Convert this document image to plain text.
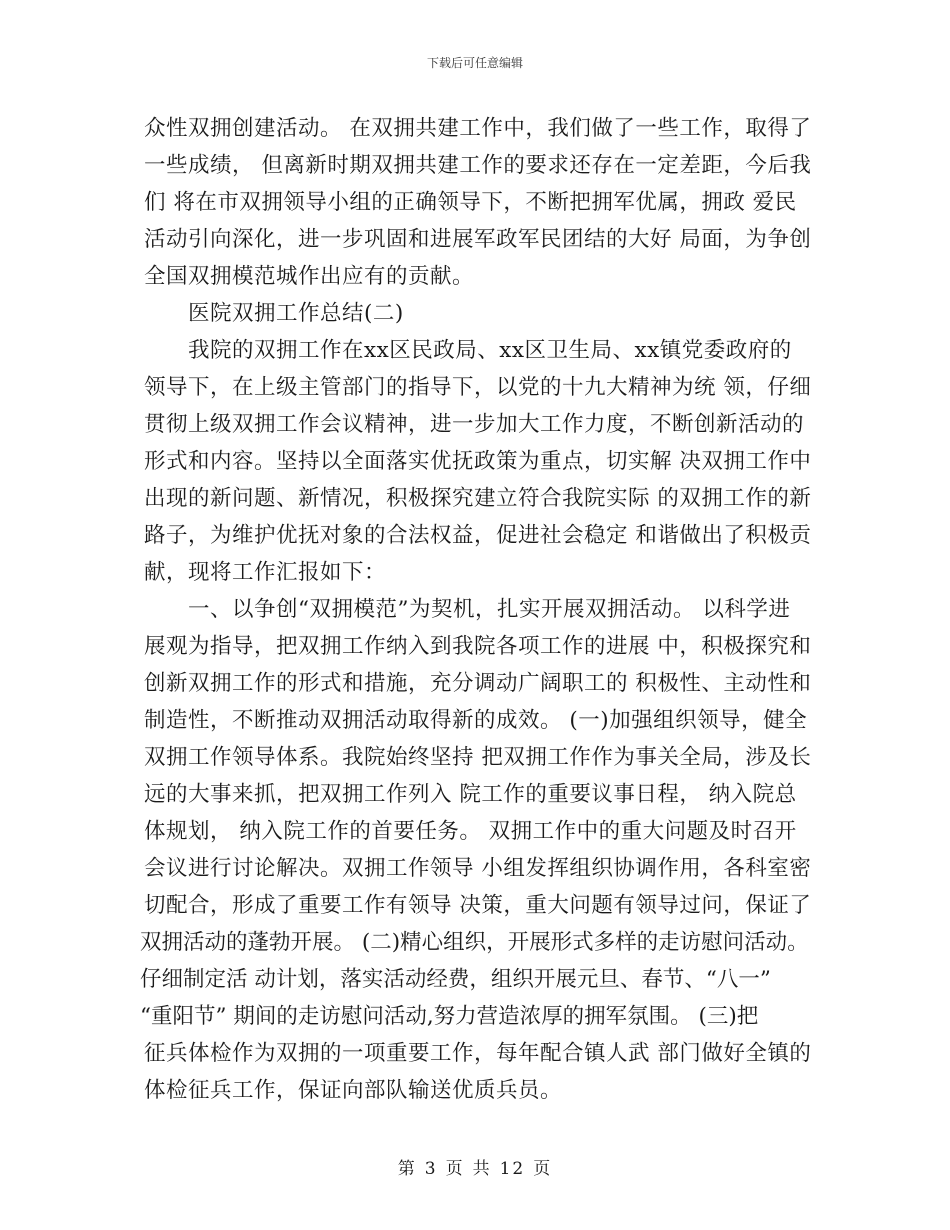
下载后可任意编辑
众性双拥创建活动。 在双拥共建工作中，我们做了一些工作，取得了
一些成绩， 但离新时期双拥共建工作的要求还存在一定差距，今后我
们 将在市双拥领导小组的正确领导下，不断把拥军优属，拥政 爱民
活动引向深化，进一步巩固和进展军政军民团结的大好 局面，为争创
全国双拥模范城作出应有的贡献。
医院双拥工作总结(二)
我院的双拥工作在xx区民政局、xx区卫生局、xx镇党委政府的
领导下，在上级主管部门的指导下，以党的十九大精神为统 领，仔细
贯彻上级双拥工作会议精神，进一步加大工作力度，不断创新活动的
形式和内容。坚持以全面落实优抚政策为重点，切实解 决双拥工作中
出现的新问题、新情况，积极探究建立符合我院实际 的双拥工作的新
路子，为维护优抚对象的合法权益，促进社会稳定 和谐做出了积极贡
献，现将工作汇报如下：
一、以争创“双拥模范”为契机，扎实开展双拥活动。 以科学进
展观为指导，把双拥工作纳入到我院各项工作的进展 中，积极探究和
创新双拥工作的形式和措施，充分调动广阔职工的 积极性、主动性和
制造性，不断推动双拥活动取得新的成效。 (一)加强组织领导，健全
双拥工作领导体系。我院始终坚持 把双拥工作作为事关全局，涉及长
远的大事来抓，把双拥工作列入 院工作的重要议事日程， 纳入院总
体规划， 纳入院工作的首要任务。 双拥工作中的重大问题及时召开
会议进行讨论解决。双拥工作领导 小组发挥组织协调作用，各科室密
切配合，形成了重要工作有领导 决策，重大问题有领导过问，保证了
双拥活动的蓬勃开展。 (二)精心组织，开展形式多样的走访慰问活动。
仔细制定活 动计划，落实活动经费，组织开展元旦、春节、“八一”
“重阳节” 期间的走访慰问活动,努力营造浓厚的拥军氛围。 (三)把
征兵体检作为双拥的一项重要工作，每年配合镇人武 部门做好全镇的
体检征兵工作，保证向部队输送优质兵员。
第 3 页 共 12 页
